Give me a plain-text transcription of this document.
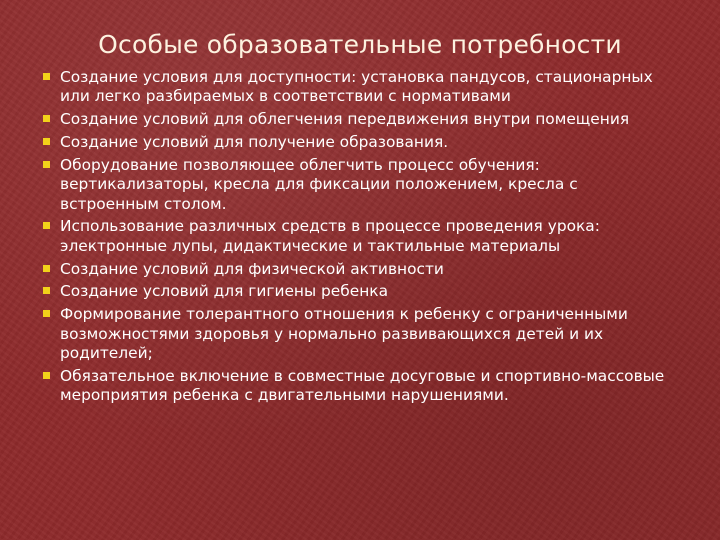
Особые образовательные потребности
Создание условия для доступности: установка пандусов, стационарных или легко разбираемых в соответствии с нормативами
Создание условий для облегчения передвижения внутри помещения
Создание условий для получение образования.
Оборудование позволяющее облегчить процесс обучения: вертикализаторы, кресла для фиксации положением, кресла с встроенным столом.
Использование различных средств в процессе проведения урока: электронные лупы, дидактические и тактильные материалы
Создание условий для физической активности
Создание условий для гигиены ребенка
Формирование толерантного отношения к ребенку с ограниченными возможностями здоровья у нормально развивающихся детей и их родителей;
Обязательное включение в совместные досуговые и спортивно-массовые мероприятия ребенка с двигательными нарушениями.
